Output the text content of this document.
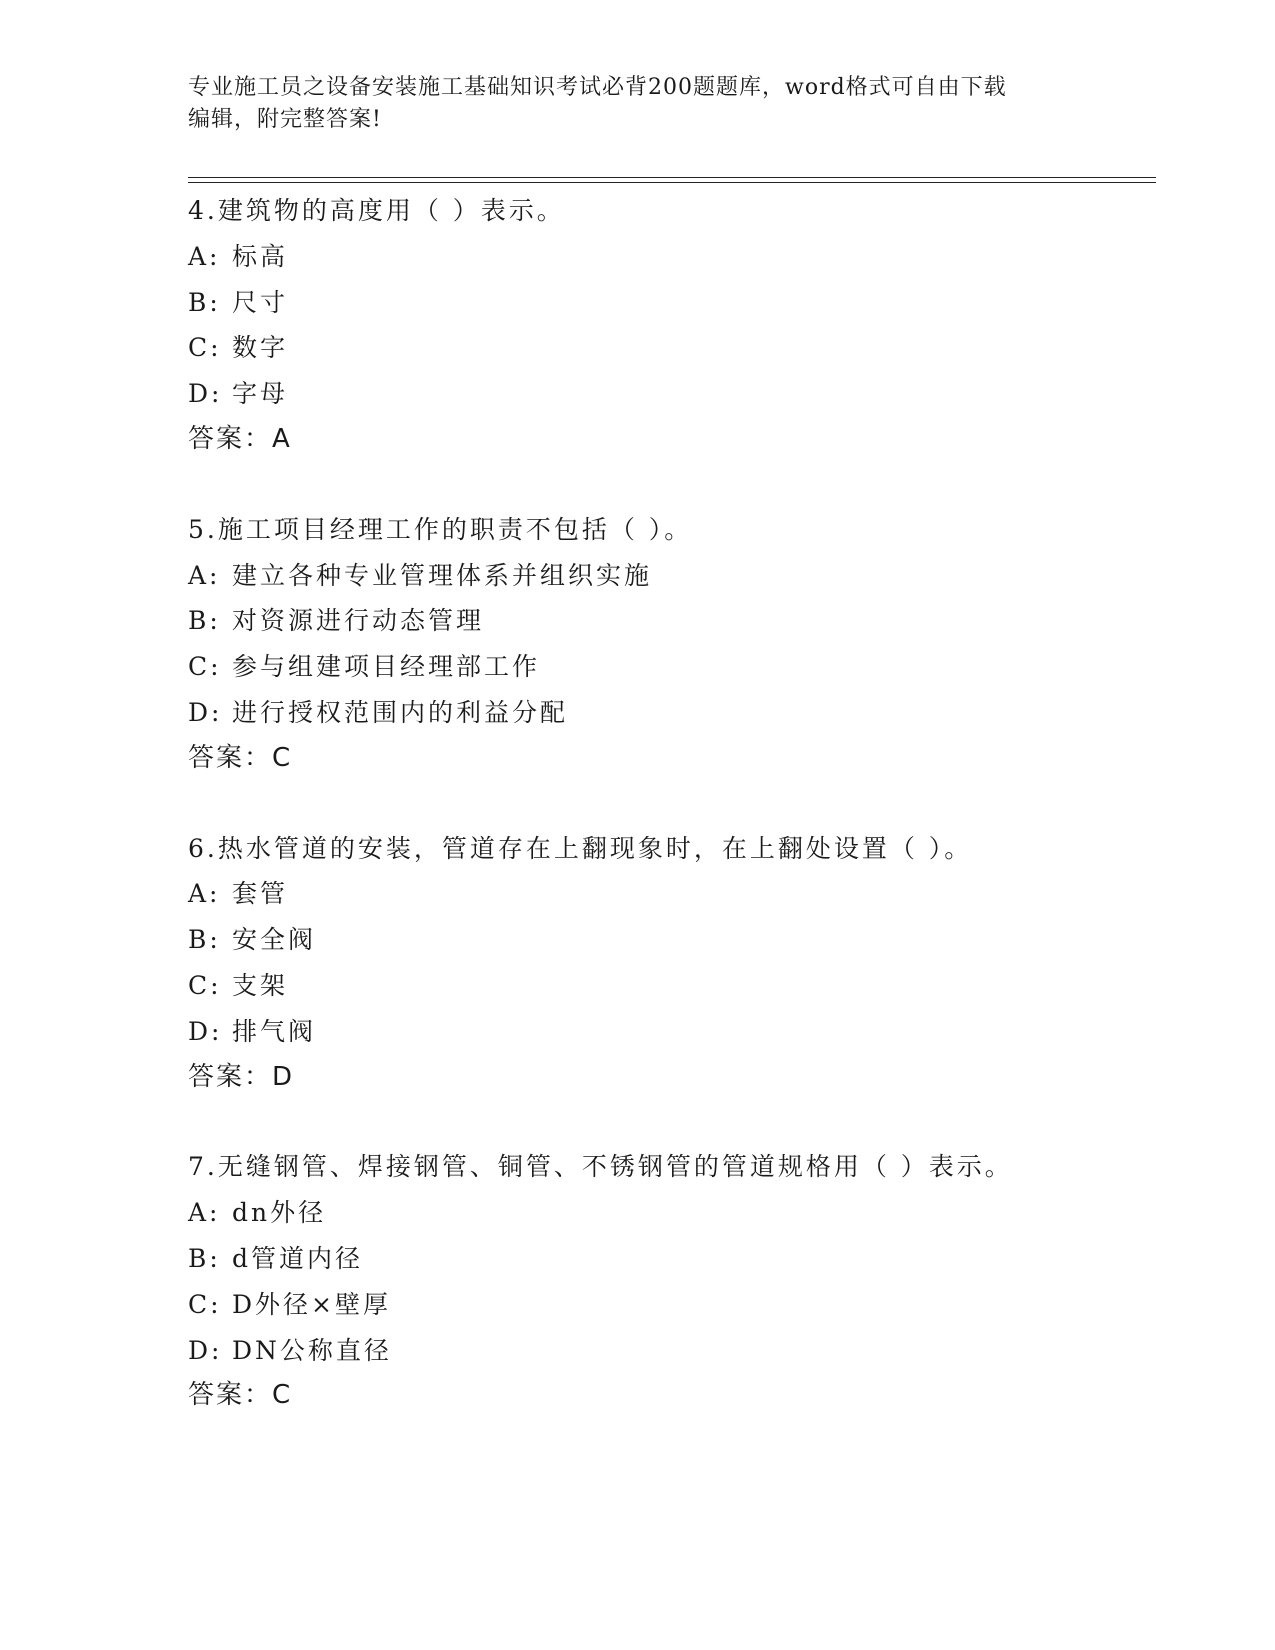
专业施工员之设备安装施工基础知识考试必背200题题库，word格式可自由下载
编辑，附完整答案!
4.建筑物的高度用（ ）表示。
A: 标高
B: 尺寸
C: 数字
D: 字母
答案：A
5.施工项目经理工作的职责不包括（ ）。
A: 建立各种专业管理体系并组织实施
B: 对资源进行动态管理
C: 参与组建项目经理部工作
D: 进行授权范围内的利益分配
答案：C
6.热水管道的安装，管道存在上翻现象时，在上翻处设置（ ）。
A: 套管
B: 安全阀
C: 支架
D: 排气阀
答案：D
7.无缝钢管、焊接钢管、铜管、不锈钢管的管道规格用（ ）表示。
A: dn外径
B: d管道内径
C: D外径×壁厚
D: DN公称直径
答案：C
